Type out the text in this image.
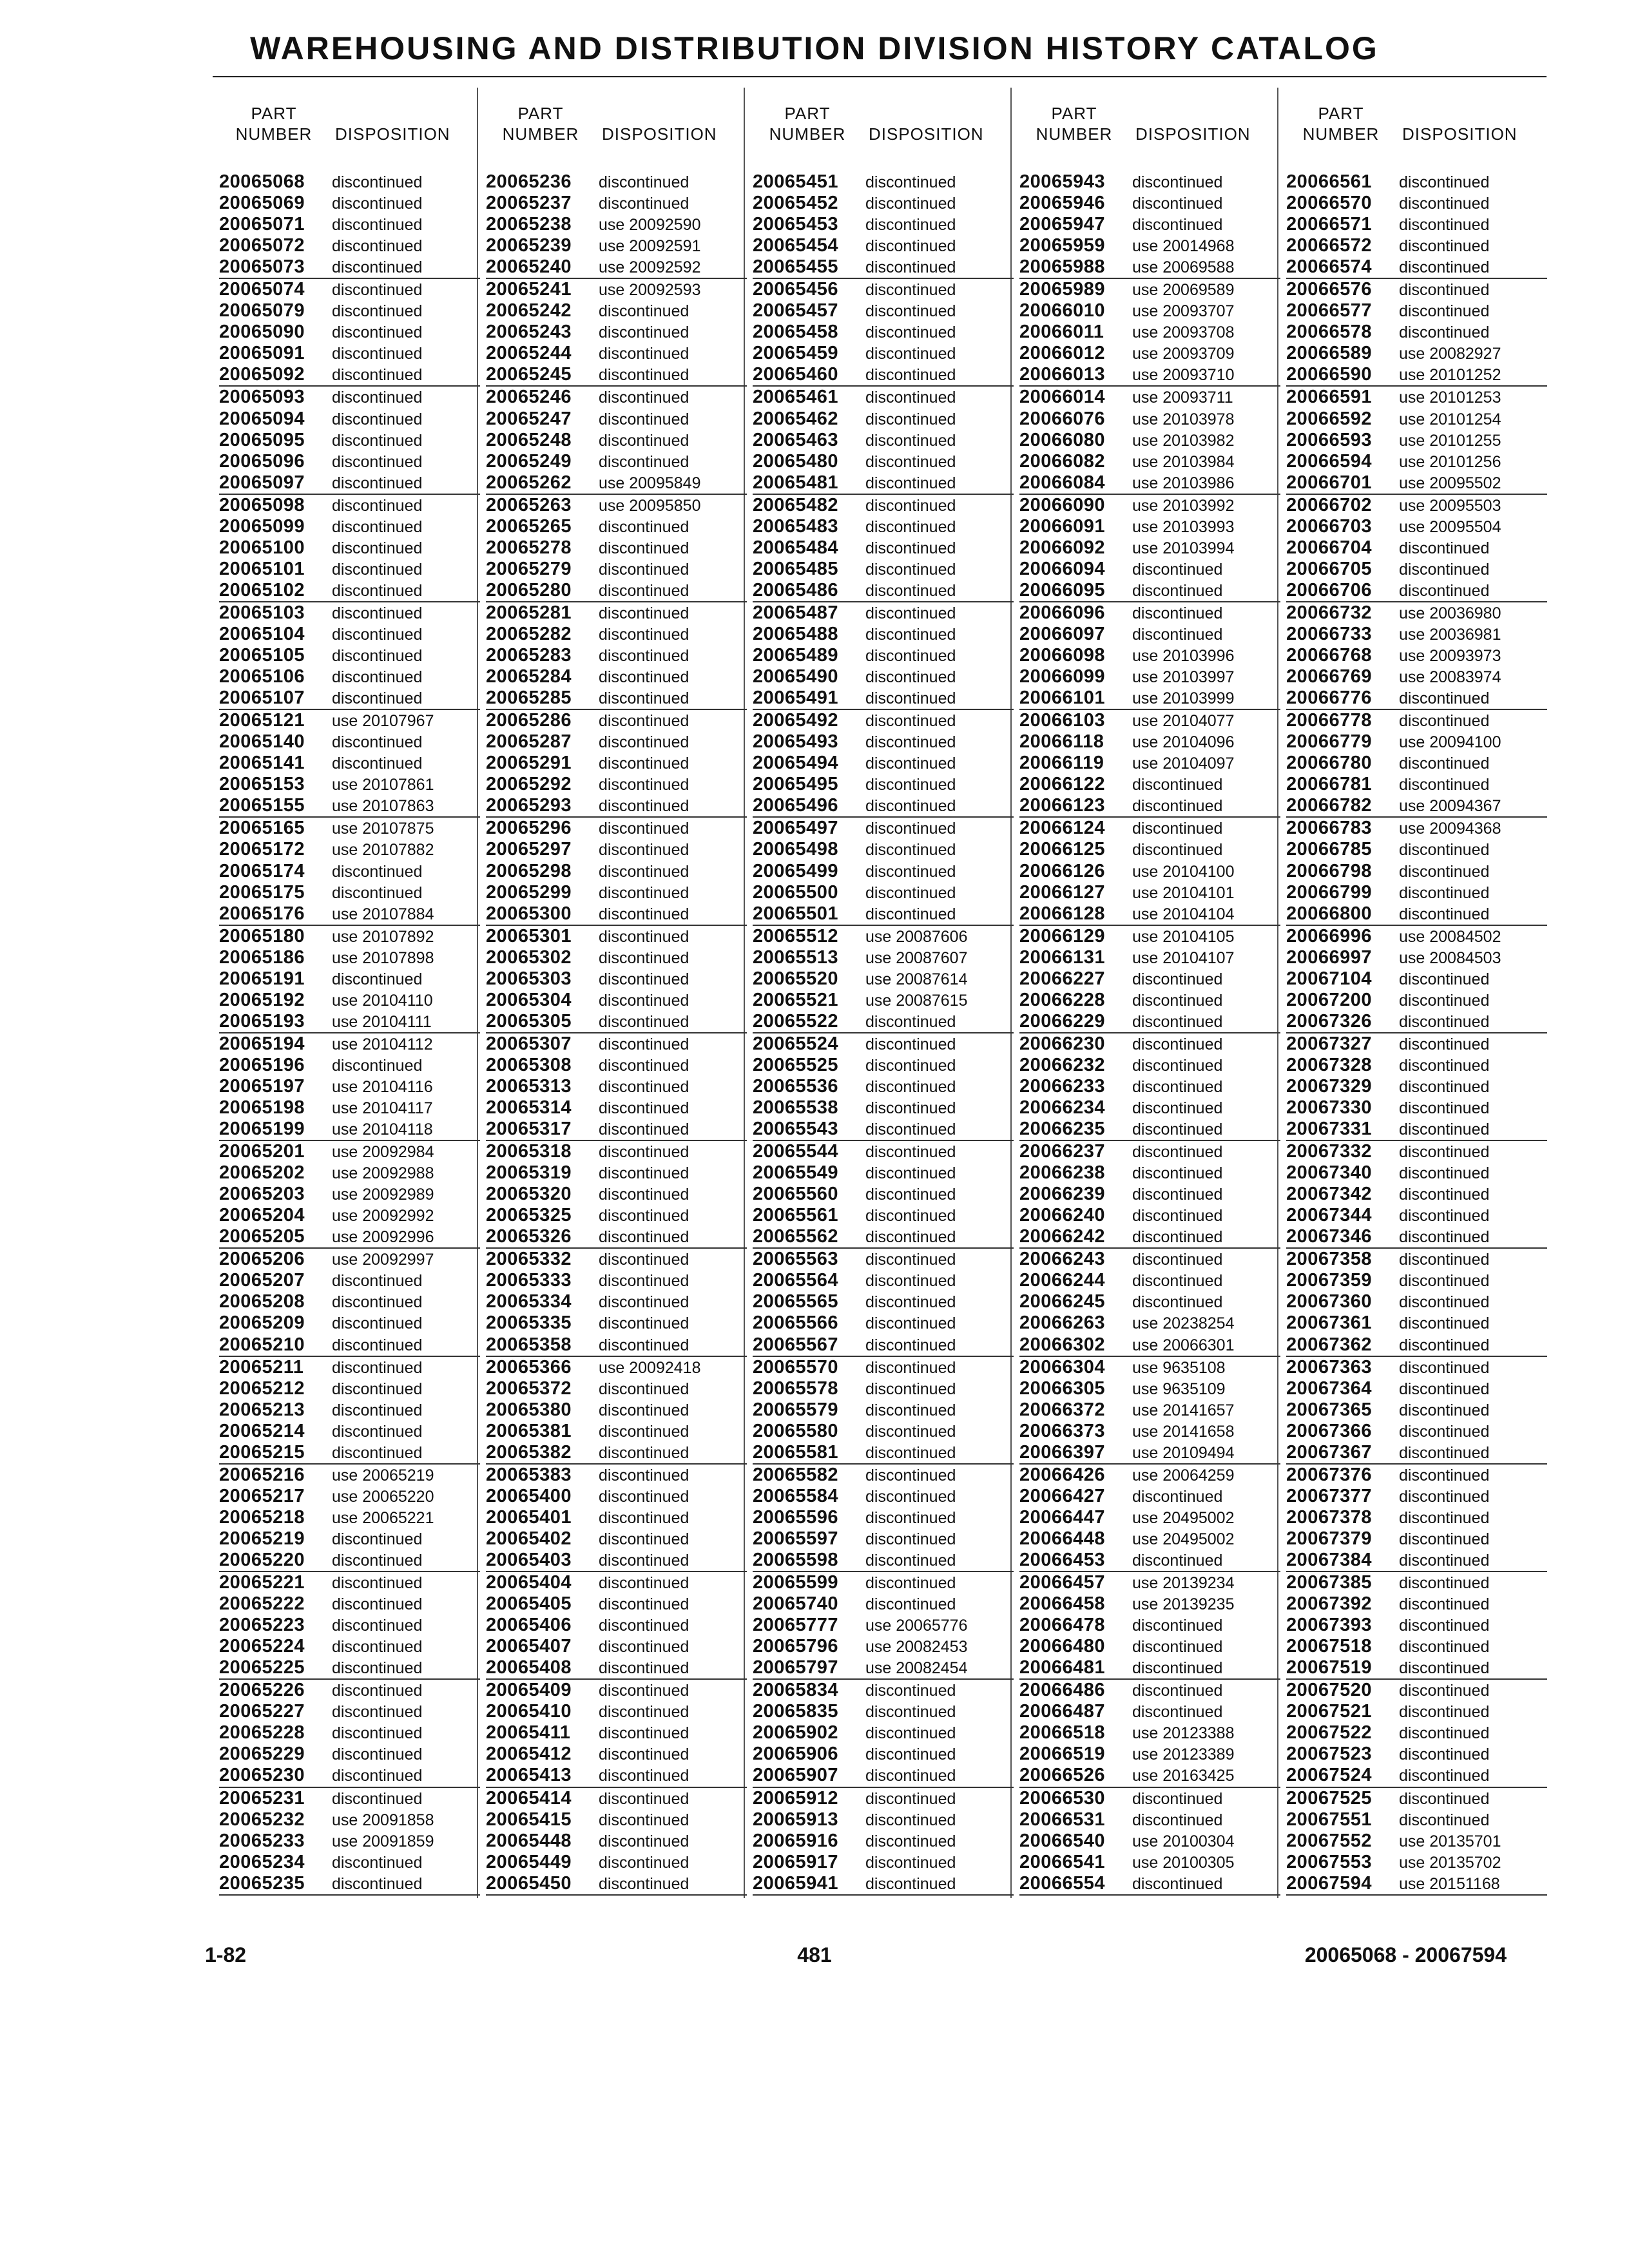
WAREHOUSING AND DISTRIBUTION DIVISION HISTORY CATALOG
PART
NUMBER	DISPOSITION
PART
NUMBER	DISPOSITION
PART
NUMBER	DISPOSITION
PART
NUMBER	DISPOSITION
PART
NUMBER	DISPOSITION
20065068 discontinued
20065069 discontinued
20065071 discontinued
20065072 discontinued
20065073 discontinued
20065074 discontinued
20065079 discontinued
20065090 discontinued
20065091 discontinued
20065092 discontinued
20065093 discontinued
20065094 discontinued
20065095 discontinued
20065096 discontinued
20065097 discontinued
20065098 discontinued
20065099 discontinued
20065100 discontinued
20065101 discontinued
20065102 discontinued
20065103 discontinued
20065104 discontinued
20065105 discontinued
20065106 discontinued
20065107 discontinued
20065121 use 20107967
20065140 discontinued
20065141 discontinued
20065153 use 20107861
20065155 use 20107863
20065165 use 20107875
20065172 use 20107882
20065174 discontinued
20065175 discontinued
20065176 use 20107884
20065180 use 20107892
20065186 use 20107898
20065191 discontinued
20065192 use 20104110
20065193 use 20104111
20065194 use 20104112
20065196 discontinued
20065197 use 20104116
20065198 use 20104117
20065199 use 20104118
20065201 use 20092984
20065202 use 20092988
20065203 use 20092989
20065204 use 20092992
20065205 use 20092996
20065206 use 20092997
20065207 discontinued
20065208 discontinued
20065209 discontinued
20065210 discontinued
20065211 discontinued
20065212 discontinued
20065213 discontinued
20065214 discontinued
20065215 discontinued
20065216 use 20065219
20065217 use 20065220
20065218 use 20065221
20065219 discontinued
20065220 discontinued
20065221 discontinued
20065222 discontinued
20065223 discontinued
20065224 discontinued
20065225 discontinued
20065226 discontinued
20065227 discontinued
20065228 discontinued
20065229 discontinued
20065230 discontinued
20065231 discontinued
20065232 use 20091858
20065233 use 20091859
20065234 discontinued
20065235 discontinued
20065236 discontinued
20065237 discontinued
20065238 use 20092590
20065239 use 20092591
20065240 use 20092592
20065241 use 20092593
20065242 discontinued
20065243 discontinued
20065244 discontinued
20065245 discontinued
20065246 discontinued
20065247 discontinued
20065248 discontinued
20065249 discontinued
20065262 use 20095849
20065263 use 20095850
20065265 discontinued
20065278 discontinued
20065279 discontinued
20065280 discontinued
20065281 discontinued
20065282 discontinued
20065283 discontinued
20065284 discontinued
20065285 discontinued
20065286 discontinued
20065287 discontinued
20065291 discontinued
20065292 discontinued
20065293 discontinued
20065296 discontinued
20065297 discontinued
20065298 discontinued
20065299 discontinued
20065300 discontinued
20065301 discontinued
20065302 discontinued
20065303 discontinued
20065304 discontinued
20065305 discontinued
20065307 discontinued
20065308 discontinued
20065313 discontinued
20065314 discontinued
20065317 discontinued
20065318 discontinued
20065319 discontinued
20065320 discontinued
20065325 discontinued
20065326 discontinued
20065332 discontinued
20065333 discontinued
20065334 discontinued
20065335 discontinued
20065358 discontinued
20065366 use 20092418
20065372 discontinued
20065380 discontinued
20065381 discontinued
20065382 discontinued
20065383 discontinued
20065400 discontinued
20065401 discontinued
20065402 discontinued
20065403 discontinued
20065404 discontinued
20065405 discontinued
20065406 discontinued
20065407 discontinued
20065408 discontinued
20065409 discontinued
20065410 discontinued
20065411 discontinued
20065412 discontinued
20065413 discontinued
20065414 discontinued
20065415 discontinued
20065448 discontinued
20065449 discontinued
20065450 discontinued
20065451 discontinued
20065452 discontinued
20065453 discontinued
20065454 discontinued
20065455 discontinued
20065456 discontinued
20065457 discontinued
20065458 discontinued
20065459 discontinued
20065460 discontinued
20065461 discontinued
20065462 discontinued
20065463 discontinued
20065480 discontinued
20065481 discontinued
20065482 discontinued
20065483 discontinued
20065484 discontinued
20065485 discontinued
20065486 discontinued
20065487 discontinued
20065488 discontinued
20065489 discontinued
20065490 discontinued
20065491 discontinued
20065492 discontinued
20065493 discontinued
20065494 discontinued
20065495 discontinued
20065496 discontinued
20065497 discontinued
20065498 discontinued
20065499 discontinued
20065500 discontinued
20065501 discontinued
20065512 use 20087606
20065513 use 20087607
20065520 use 20087614
20065521 use 20087615
20065522 discontinued
20065524 discontinued
20065525 discontinued
20065536 discontinued
20065538 discontinued
20065543 discontinued
20065544 discontinued
20065549 discontinued
20065560 discontinued
20065561 discontinued
20065562 discontinued
20065563 discontinued
20065564 discontinued
20065565 discontinued
20065566 discontinued
20065567 discontinued
20065570 discontinued
20065578 discontinued
20065579 discontinued
20065580 discontinued
20065581 discontinued
20065582 discontinued
20065584 discontinued
20065596 discontinued
20065597 discontinued
20065598 discontinued
20065599 discontinued
20065740 discontinued
20065777 use 20065776
20065796 use 20082453
20065797 use 20082454
20065834 discontinued
20065835 discontinued
20065902 discontinued
20065906 discontinued
20065907 discontinued
20065912 discontinued
20065913 discontinued
20065916 discontinued
20065917 discontinued
20065941 discontinued
20065943 discontinued
20065946 discontinued
20065947 discontinued
20065959 use 20014968
20065988 use 20069588
20065989 use 20069589
20066010 use 20093707
20066011 use 20093708
20066012 use 20093709
20066013 use 20093710
20066014 use 20093711
20066076 use 20103978
20066080 use 20103982
20066082 use 20103984
20066084 use 20103986
20066090 use 20103992
20066091 use 20103993
20066092 use 20103994
20066094 discontinued
20066095 discontinued
20066096 discontinued
20066097 discontinued
20066098 use 20103996
20066099 use 20103997
20066101 use 20103999
20066103 use 20104077
20066118 use 20104096
20066119 use 20104097
20066122 discontinued
20066123 discontinued
20066124 discontinued
20066125 discontinued
20066126 use 20104100
20066127 use 20104101
20066128 use 20104104
20066129 use 20104105
20066131 use 20104107
20066227 discontinued
20066228 discontinued
20066229 discontinued
20066230 discontinued
20066232 discontinued
20066233 discontinued
20066234 discontinued
20066235 discontinued
20066237 discontinued
20066238 discontinued
20066239 discontinued
20066240 discontinued
20066242 discontinued
20066243 discontinued
20066244 discontinued
20066245 discontinued
20066263 use 20238254
20066302 use 20066301
20066304 use 9635108
20066305 use 9635109
20066372 use 20141657
20066373 use 20141658
20066397 use 20109494
20066426 use 20064259
20066427 discontinued
20066447 use 20495002
20066448 use 20495002
20066453 discontinued
20066457 use 20139234
20066458 use 20139235
20066478 discontinued
20066480 discontinued
20066481 discontinued
20066486 discontinued
20066487 discontinued
20066518 use 20123388
20066519 use 20123389
20066526 use 20163425
20066530 discontinued
20066531 discontinued
20066540 use 20100304
20066541 use 20100305
20066554 discontinued
20066561 discontinued
20066570 discontinued
20066571 discontinued
20066572 discontinued
20066574 discontinued
20066576 discontinued
20066577 discontinued
20066578 discontinued
20066589 use 20082927
20066590 use 20101252
20066591 use 20101253
20066592 use 20101254
20066593 use 20101255
20066594 use 20101256
20066701 use 20095502
20066702 use 20095503
20066703 use 20095504
20066704 discontinued
20066705 discontinued
20066706 discontinued
20066732 use 20036980
20066733 use 20036981
20066768 use 20093973
20066769 use 20083974
20066776 discontinued
20066778 discontinued
20066779 use 20094100
20066780 discontinued
20066781 discontinued
20066782 use 20094367
20066783 use 20094368
20066785 discontinued
20066798 discontinued
20066799 discontinued
20066800 discontinued
20066996 use 20084502
20066997 use 20084503
20067104 discontinued
20067200 discontinued
20067326 discontinued
20067327 discontinued
20067328 discontinued
20067329 discontinued
20067330 discontinued
20067331 discontinued
20067332 discontinued
20067340 discontinued
20067342 discontinued
20067344 discontinued
20067346 discontinued
20067358 discontinued
20067359 discontinued
20067360 discontinued
20067361 discontinued
20067362 discontinued
20067363 discontinued
20067364 discontinued
20067365 discontinued
20067366 discontinued
20067367 discontinued
20067376 discontinued
20067377 discontinued
20067378 discontinued
20067379 discontinued
20067384 discontinued
20067385 discontinued
20067392 discontinued
20067393 discontinued
20067518 discontinued
20067519 discontinued
20067520 discontinued
20067521 discontinued
20067522 discontinued
20067523 discontinued
20067524 discontinued
20067525 discontinued
20067551 discontinued
20067552 use 20135701
20067553 use 20135702
20067594 use 20151168
1-82	481	20065068 - 20067594
